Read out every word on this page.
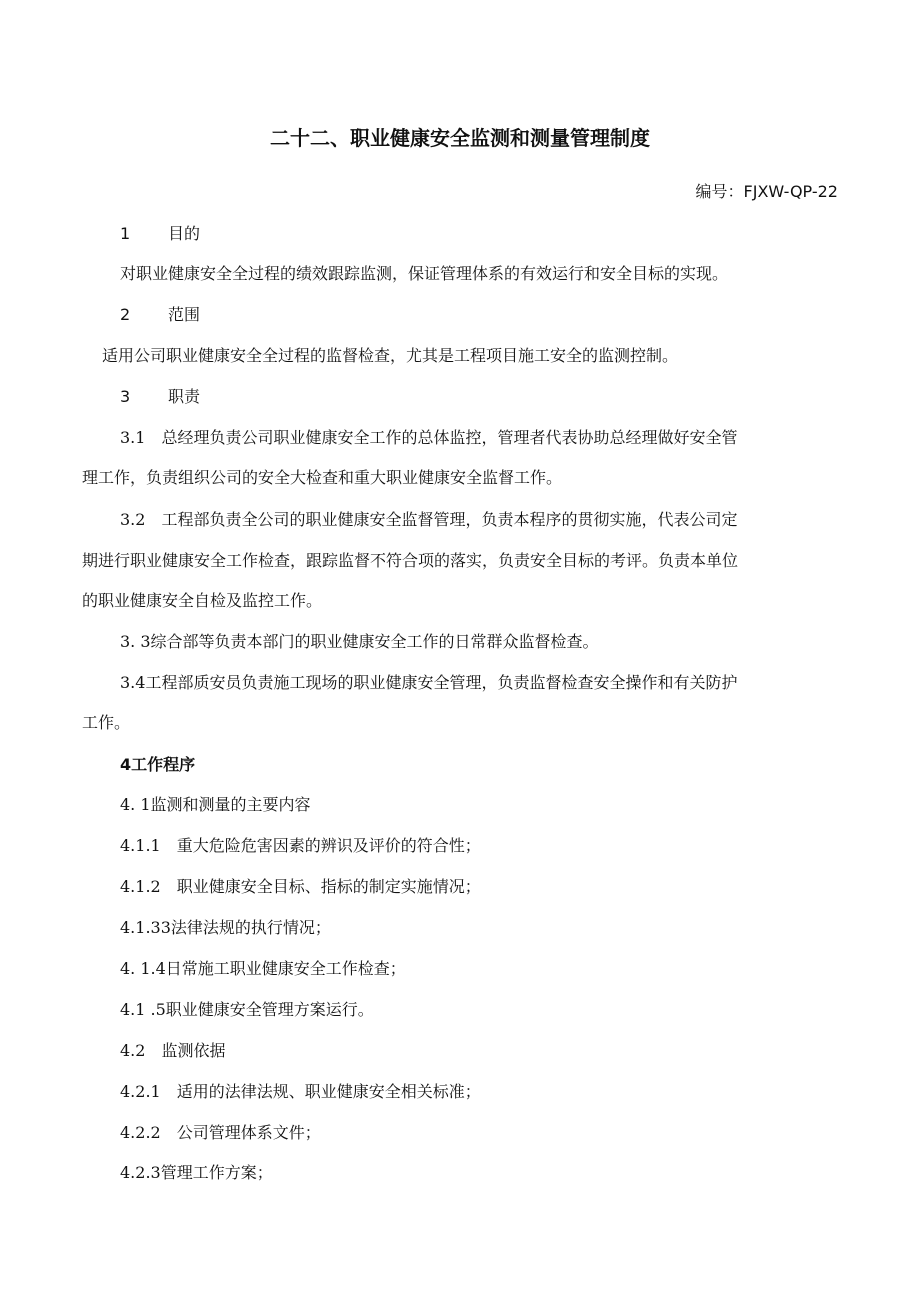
二十二、职业健康安全监测和测量管理制度
编号：FJXW-QP-22
1 目的

对职业健康安全全过程的绩效跟踪监测，保证管理体系的有效运行和安全目标的实现。

2 范围

适用公司职业健康安全全过程的监督检查，尤其是工程项目施工安全的监测控制。

3 职责

3.1　总经理负责公司职业健康安全工作的总体监控，管理者代表协助总经理做好安全管

理工作，负责组织公司的安全大检查和重大职业健康安全监督工作。

3.2　工程部负责全公司的职业健康安全监督管理，负责本程序的贯彻实施，代表公司定

期进行职业健康安全工作检查，跟踪监督不符合项的落实，负责安全目标的考评。负责本单位

的职业健康安全自检及监控工作。

3. 3综合部等负责本部门的职业健康安全工作的日常群众监督检查。

3.4工程部质安员负责施工现场的职业健康安全管理，负责监督检查安全操作和有关防护

工作。

4工作程序

4. 1监测和测量的主要内容

4.1.1　重大危险危害因素的辨识及评价的符合性；

4.1.2　职业健康安全目标、指标的制定实施情况；

4.1.33法律法规的执行情况；

4. 1.4日常施工职业健康安全工作检查；

4.1 .5职业健康安全管理方案运行。

4.2　监测依据

4.2.1　适用的法律法规、职业健康安全相关标准；

4.2.2　公司管理体系文件；

4.2.3管理工作方案；
